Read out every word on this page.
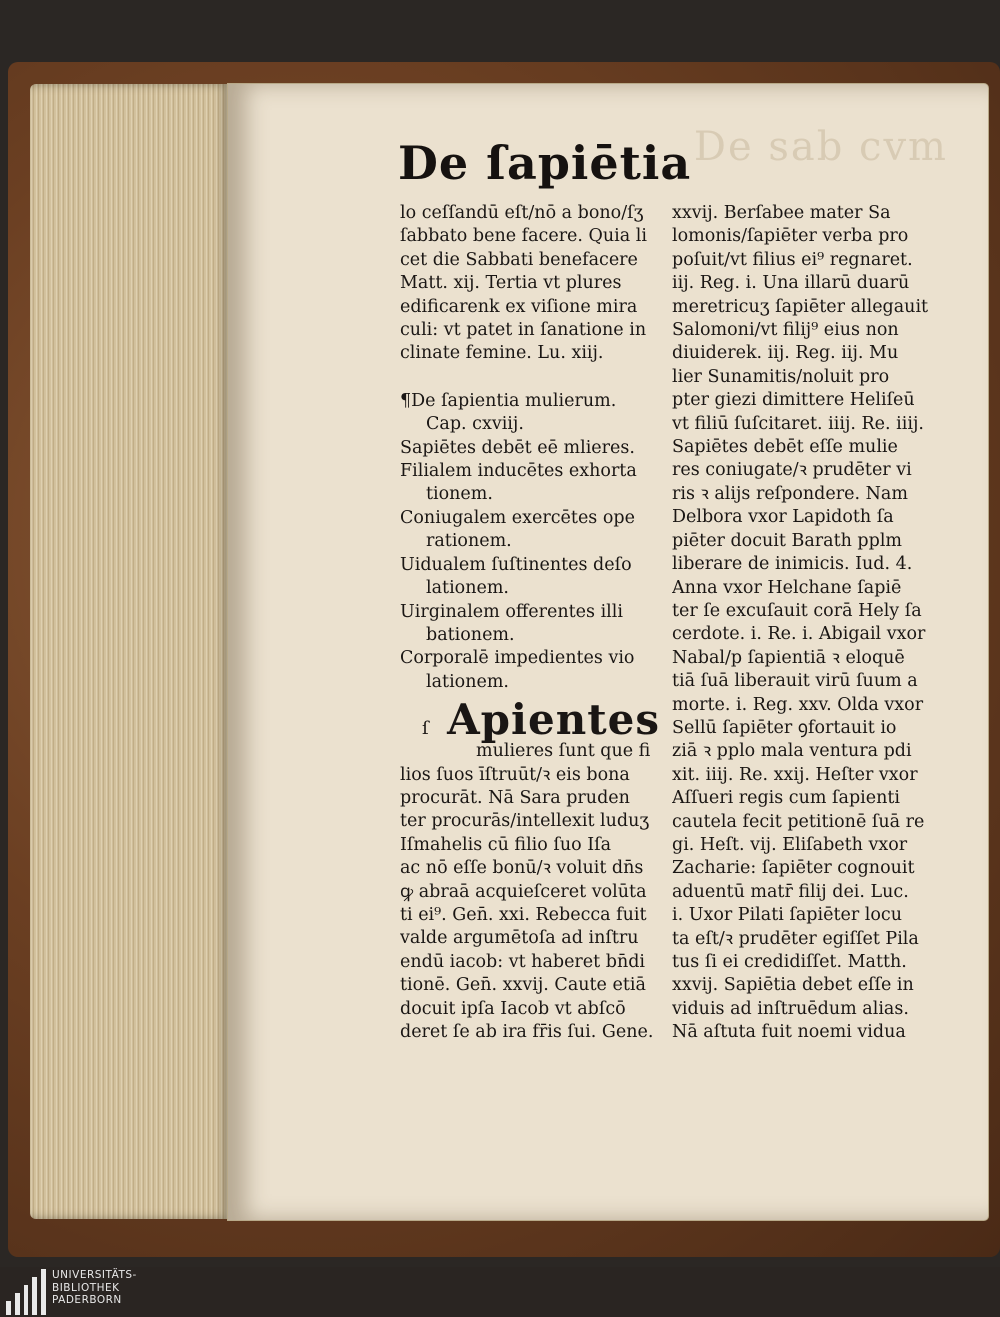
De sab cvm
De ſapiētia
lo ceſſandū eſt/nō a bono/ſʒ
ſabbato bene facere. Quia li
cet die Sabbati benefacere
Matt. xij. Tertia vt plures
edificarenk ex viſione mira
culi: vt patet in ſanatione in
clinate femine. Lu. xiij.
¶De ſapientia mulierum.
Cap. cxviij.
Sapiētes debēt eē mlieres.
Filialem inducētes exhorta
tionem.
Coniugalem exercētes ope
rationem.
Uidualem ſuſtinentes deſo
lationem.
Uirginalem offerentes illi
bationem.
Corporalē impedientes vio
lationem.
ſ Apientes
mulieres ſunt que fi
lios ſuos īſtruūt/ꝛ eis bona
procurāt. Nā Sara pruden
ter procurās/intellexit luduʒ
Iſmahelis cū filio ſuo Iſa
ac nō eſſe bonū/ꝛ voluit dn̄s
ꝙ abraā acquieſceret volūta
ti ei⁹. Gen̄. xxi. Rebecca fuit
valde argumētoſa ad inſtru
endū iacob: vt haberet bn̄di
tionē. Gen̄. xxvij. Caute etiā
docuit ipſa Iacob vt abſcō
deret ſe ab ira fr̄is ſui. Gene.
xxvij. Berſabee mater Sa
lomonis/ſapiēter verba pro
poſuit/vt filius ei⁹ regnaret.
iij. Reg. i. Una illarū duarū
meretricuʒ ſapiēter allegauit
Salomoni/vt filij⁹ eius non
diuiderek. iij. Reg. iij. Mu
lier Sunamitis/noluit pro
pter giezi dimittere Heliſeū
vt filiū ſuſcitaret. iiij. Re. iiij.
Sapiētes debēt eſſe mulie
res coniugate/ꝛ prudēter vi
ris ꝛ alijs reſpondere. Nam
Delbora vxor Lapidoth ſa
piēter docuit Barath pplm
liberare de inimicis. Iud. 4.
Anna vxor Helchane ſapiē
ter ſe excuſauit corā Hely ſa
cerdote. i. Re. i. Abigail vxor
Nabal/p ſapientiā ꝛ eloquē
tiā ſuā liberauit virū ſuum a
morte. i. Reg. xxv. Olda vxor
Sellū ſapiēter ꝯfortauit io
ziā ꝛ pplo mala ventura pdi
xit. iiij. Re. xxij. Heſter vxor
Aſſueri regis cum ſapienti
cautela fecit petitionē ſuā re
gi. Heſt. vij. Eliſabeth vxor
Zacharie: ſapiēter cognouit
aduentū matr̄ filij dei. Luc.
i. Uxor Pilati ſapiēter locu
ta eſt/ꝛ prudēter egiſſet Pila
tus ſi ei credidiſſet. Matth.
xxvij. Sapiētia debet eſſe in
viduis ad inſtruēdum alias.
Nā aſtuta fuit noemi vidua
UNIVERSITÄTS-
BIBLIOTHEK
PADERBORN
